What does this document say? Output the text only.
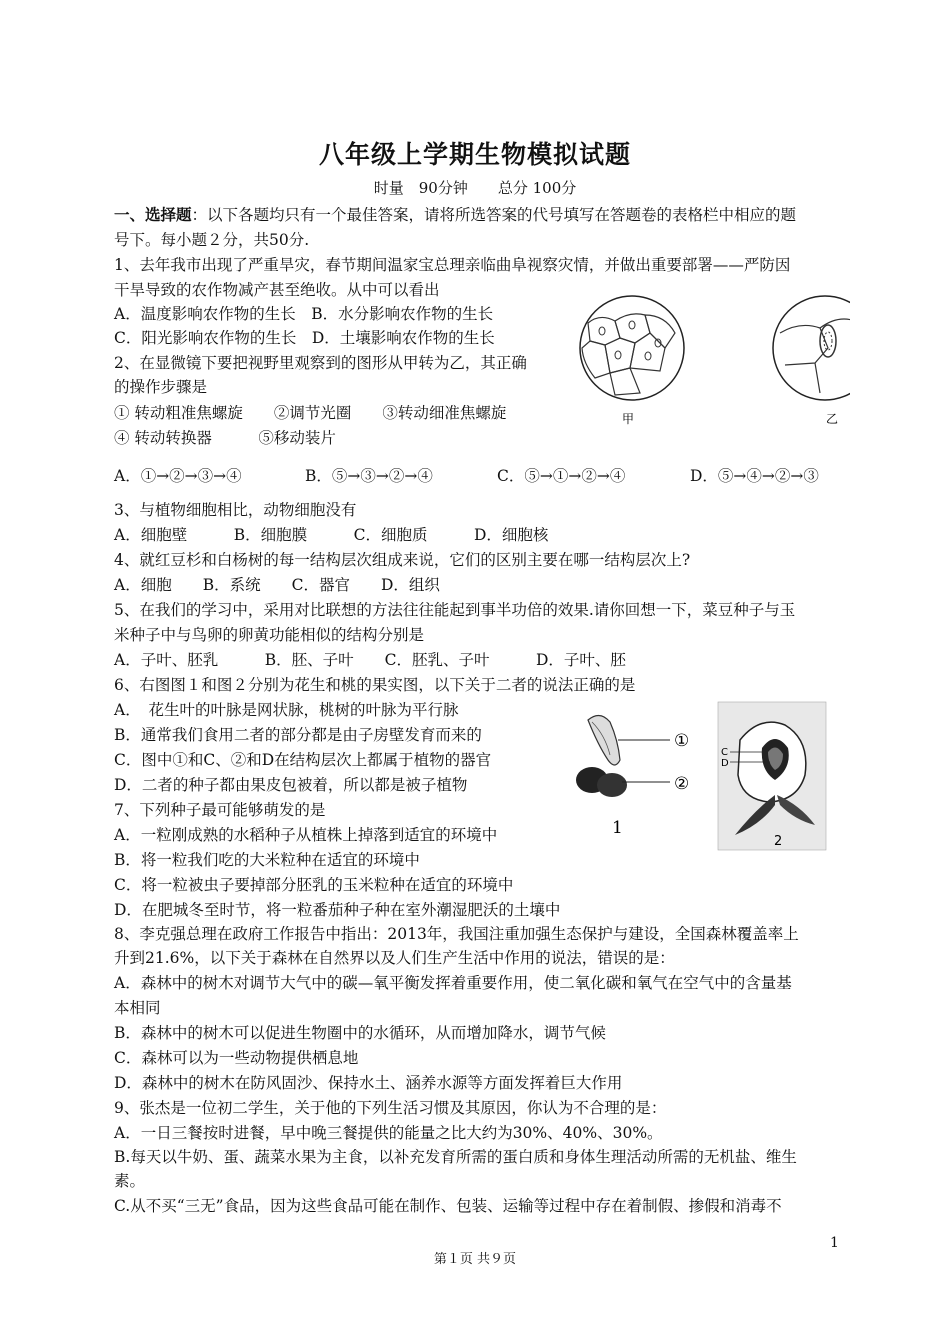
八年级上学期生物模拟试题
时量　90分钟　　总分 100分
一、选择题：以下各题均只有一个最佳答案，请将所选答案的代号填写在答题卷的表格栏中相应的题
号下。每小题２分，共50分.
1、去年我市出现了严重旱灾，春节期间温家宝总理亲临曲阜视察灾情，并做出重要部署——严防因
干旱导致的农作物减产甚至绝收。从中可以看出
A．温度影响农作物的生长　B．水分影响农作物的生长
C．阳光影响农作物的生长　D．土壤影响农作物的生长
2、在显微镜下要把视野里观察到的图形从甲转为乙，其正确
的操作步骤是
① 转动粗准焦螺旋　　②调节光圈　　③转动细准焦螺旋
④ 转动转换器　　　⑤移动装片
A．①→②→③→④	B．⑤→③→②→④	C．⑤→①→②→④	D．⑤→④→②→③
甲	乙
3、与植物细胞相比，动物细胞没有
A．细胞壁　　　B．细胞膜　　　C．细胞质　　　D．细胞核
4、就红豆杉和白杨树的每一结构层次组成来说，它们的区别主要在哪一结构层次上?
A．细胞　　B．系统　　C．器官　　D．组织
5、在我们的学习中，采用对比联想的方法往往能起到事半功倍的效果.请你回想一下，菜豆种子与玉
米种子中与鸟卵的卵黄功能相似的结构分别是
A．子叶、胚乳　　　B．胚、子叶　　C．胚乳、子叶　　　D．子叶、胚
6、右图图１和图２分别为花生和桃的果实图，以下关于二者的说法正确的是
A．　花生叶的叶脉是网状脉，桃树的叶脉为平行脉
B．通常我们食用二者的部分都是由子房壁发育而来的
C．图中①和C、②和D在结构层次上都属于植物的器官
D．二者的种子都由果皮包被着，所以都是被子植物
①
②
1
C
D
2
7、下列种子最可能够萌发的是
A．一粒刚成熟的水稻种子从植株上掉落到适宜的环境中
B．将一粒我们吃的大米粒种在适宜的环境中
C．将一粒被虫子要掉部分胚乳的玉米粒种在适宜的环境中
D．在肥城冬至时节，将一粒番茄种子种在室外潮湿肥沃的土壤中
8、李克强总理在政府工作报告中指出：2013年，我国注重加强生态保护与建设，全国森林覆盖率上
升到21.6%，以下关于森林在自然界以及人们生产生活中作用的说法，错误的是：
A．森林中的树木对调节大气中的碳—氧平衡发挥着重要作用，使二氧化碳和氧气在空气中的含量基
本相同
B．森林中的树木可以促进生物圈中的水循环，从而增加降水，调节气候
C．森林可以为一些动物提供栖息地
D．森林中的树木在防风固沙、保持水土、涵养水源等方面发挥着巨大作用
9、张杰是一位初二学生，关于他的下列生活习惯及其原因，你认为不合理的是：
A．一日三餐按时进餐，早中晚三餐提供的能量之比大约为30%、40%、30%。
B.每天以牛奶、蛋、蔬菜水果为主食，以补充发育所需的蛋白质和身体生理活动所需的无机盐、维生
素。
C.从不买“三无”食品，因为这些食品可能在制作、包装、运输等过程中存在着制假、掺假和消毒不
1
第１页 共９页
